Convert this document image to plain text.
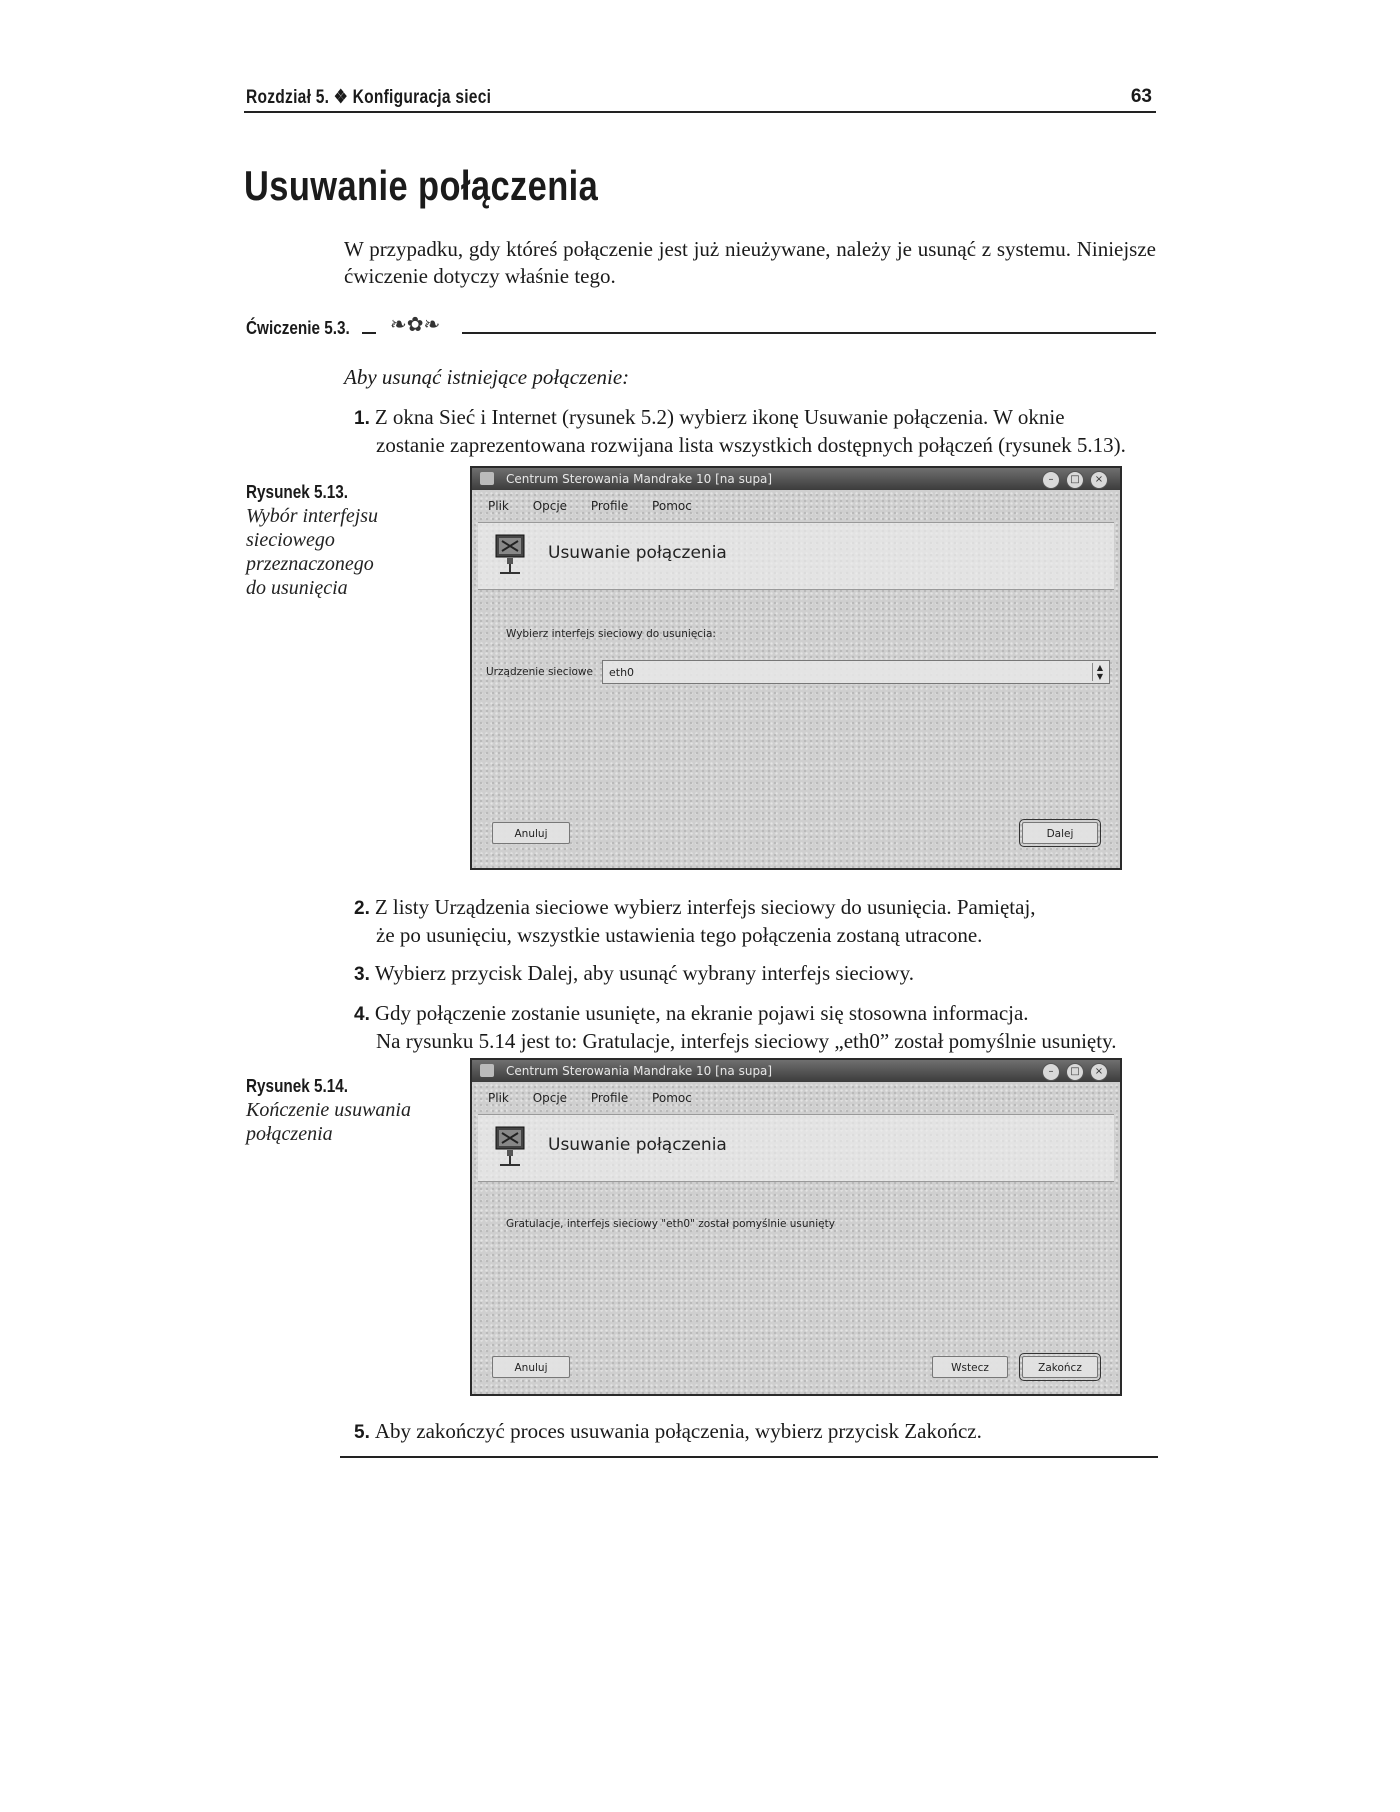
Rozdział 5. ❖ Konfiguracja sieci	63
Usuwanie połączenia
W przypadku, gdy któreś połączenie jest już nieużywane, należy je usunąć z systemu. Niniejsze ćwiczenie dotyczy właśnie tego.
Ćwiczenie 5.3. ❧✿❧
Aby usunąć istniejące połączenie:
1. Z okna Sieć i Internet (rysunek 5.2) wybierz ikonę Usuwanie połączenia. W oknie
zostanie zaprezentowana rozwijana lista wszystkich dostępnych połączeń (rysunek 5.13).
Rysunek 5.13.
Wybór interfejsu
sieciowego
przeznaczonego
do usunięcia
Centrum Sterowania Mandrake 10 [na supa]	–	□	×
Plik Opcje Profile Pomoc
Usuwanie połączenia
Wybierz interfejs sieciowy do usunięcia:
Urządzenie sieciowe	eth0	▲
▼
Anuluj	Dalej
2. Z listy Urządzenia sieciowe wybierz interfejs sieciowy do usunięcia. Pamiętaj,
że po usunięciu, wszystkie ustawienia tego połączenia zostaną utracone.
3. Wybierz przycisk Dalej, aby usunąć wybrany interfejs sieciowy.
4. Gdy połączenie zostanie usunięte, na ekranie pojawi się stosowna informacja.
Na rysunku 5.14 jest to: Gratulacje, interfejs sieciowy „eth0” został pomyślnie usunięty.
Rysunek 5.14.
Kończenie usuwania
połączenia
Centrum Sterowania Mandrake 10 [na supa]	–	□	×
Plik Opcje Profile Pomoc
Usuwanie połączenia
Gratulacje, interfejs sieciowy "eth0" został pomyślnie usunięty
Anuluj	Wstecz	Zakończ
5. Aby zakończyć proces usuwania połączenia, wybierz przycisk Zakończ.
